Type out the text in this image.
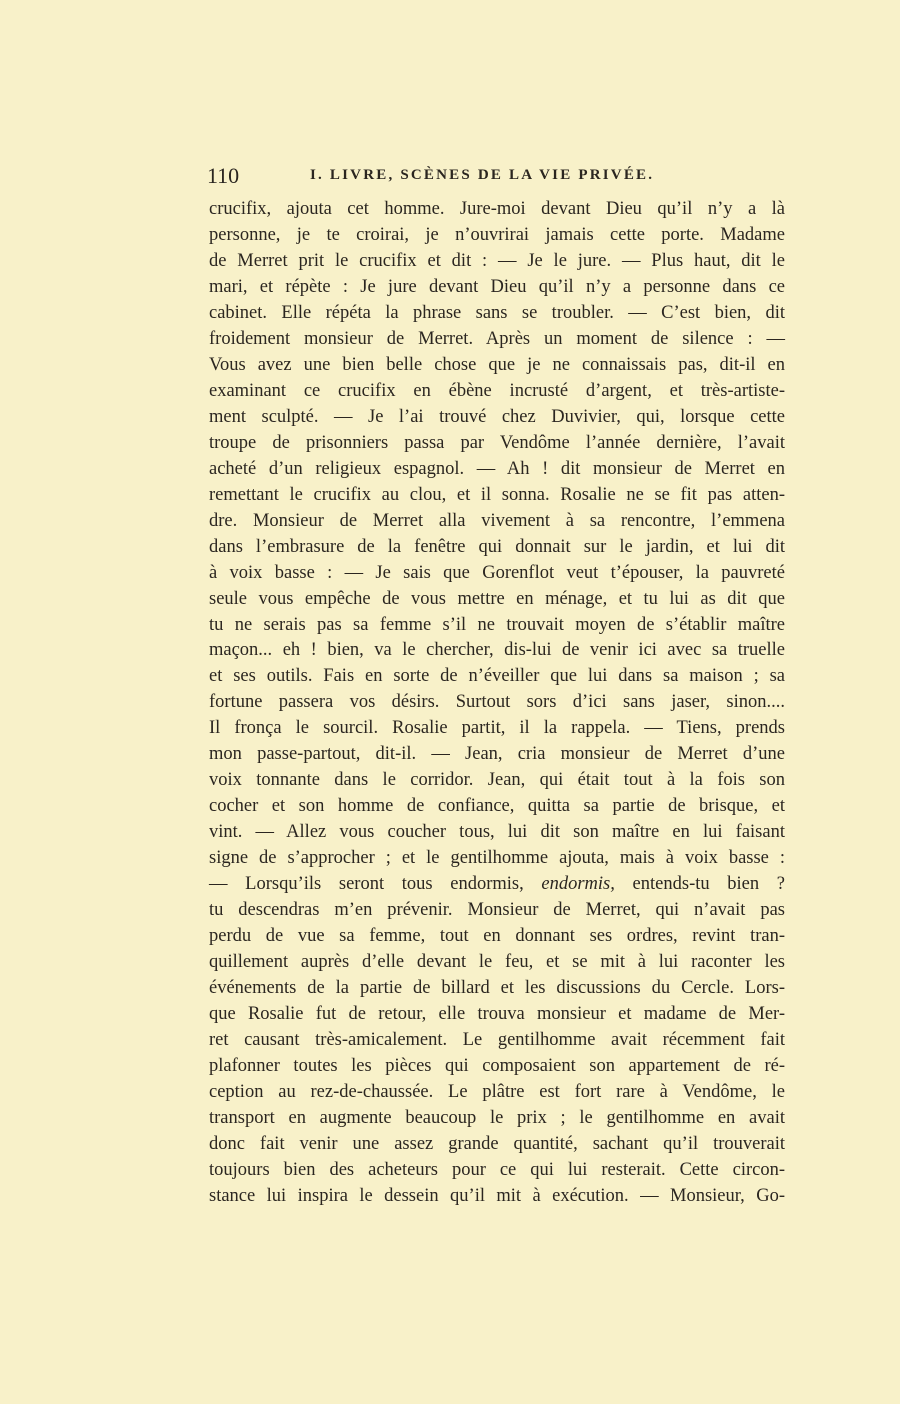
110	I. LIVRE, SCÈNES DE LA VIE PRIVÉE.
crucifix, ajouta cet homme. Jure-moi devant Dieu qu’il n’y a là
personne, je te croirai, je n’ouvrirai jamais cette porte. Madame
de Merret prit le crucifix et dit : — Je le jure. — Plus haut, dit le
mari, et répète : Je jure devant Dieu qu’il n’y a personne dans ce
cabinet. Elle répéta la phrase sans se troubler. — C’est bien, dit
froidement monsieur de Merret. Après un moment de silence : —
Vous avez une bien belle chose que je ne connaissais pas, dit-il en
examinant ce crucifix en ébène incrusté d’argent, et très-artiste-
ment sculpté. — Je l’ai trouvé chez Duvivier, qui, lorsque cette
troupe de prisonniers passa par Vendôme l’année dernière, l’avait
acheté d’un religieux espagnol. — Ah ! dit monsieur de Merret en
remettant le crucifix au clou, et il sonna. Rosalie ne se fit pas atten-
dre. Monsieur de Merret alla vivement à sa rencontre, l’emmena
dans l’embrasure de la fenêtre qui donnait sur le jardin, et lui dit
à voix basse : — Je sais que Gorenflot veut t’épouser, la pauvreté
seule vous empêche de vous mettre en ménage, et tu lui as dit que
tu ne serais pas sa femme s’il ne trouvait moyen de s’établir maître
maçon... eh ! bien, va le chercher, dis-lui de venir ici avec sa truelle
et ses outils. Fais en sorte de n’éveiller que lui dans sa maison ; sa
fortune passera vos désirs. Surtout sors d’ici sans jaser, sinon....
Il fronça le sourcil. Rosalie partit, il la rappela. — Tiens, prends
mon passe-partout, dit-il. — Jean, cria monsieur de Merret d’une
voix tonnante dans le corridor. Jean, qui était tout à la fois son
cocher et son homme de confiance, quitta sa partie de brisque, et
vint. — Allez vous coucher tous, lui dit son maître en lui faisant
signe de s’approcher ; et le gentilhomme ajouta, mais à voix basse :
— Lorsqu’ils seront tous endormis, endormis, entends-tu bien ?
tu descendras m’en prévenir. Monsieur de Merret, qui n’avait pas
perdu de vue sa femme, tout en donnant ses ordres, revint tran-
quillement auprès d’elle devant le feu, et se mit à lui raconter les
événements de la partie de billard et les discussions du Cercle. Lors-
que Rosalie fut de retour, elle trouva monsieur et madame de Mer-
ret causant très-amicalement. Le gentilhomme avait récemment fait
plafonner toutes les pièces qui composaient son appartement de ré-
ception au rez-de-chaussée. Le plâtre est fort rare à Vendôme, le
transport en augmente beaucoup le prix ; le gentilhomme en avait
donc fait venir une assez grande quantité, sachant qu’il trouverait
toujours bien des acheteurs pour ce qui lui resterait. Cette circon-
stance lui inspira le dessein qu’il mit à exécution. — Monsieur, Go-
